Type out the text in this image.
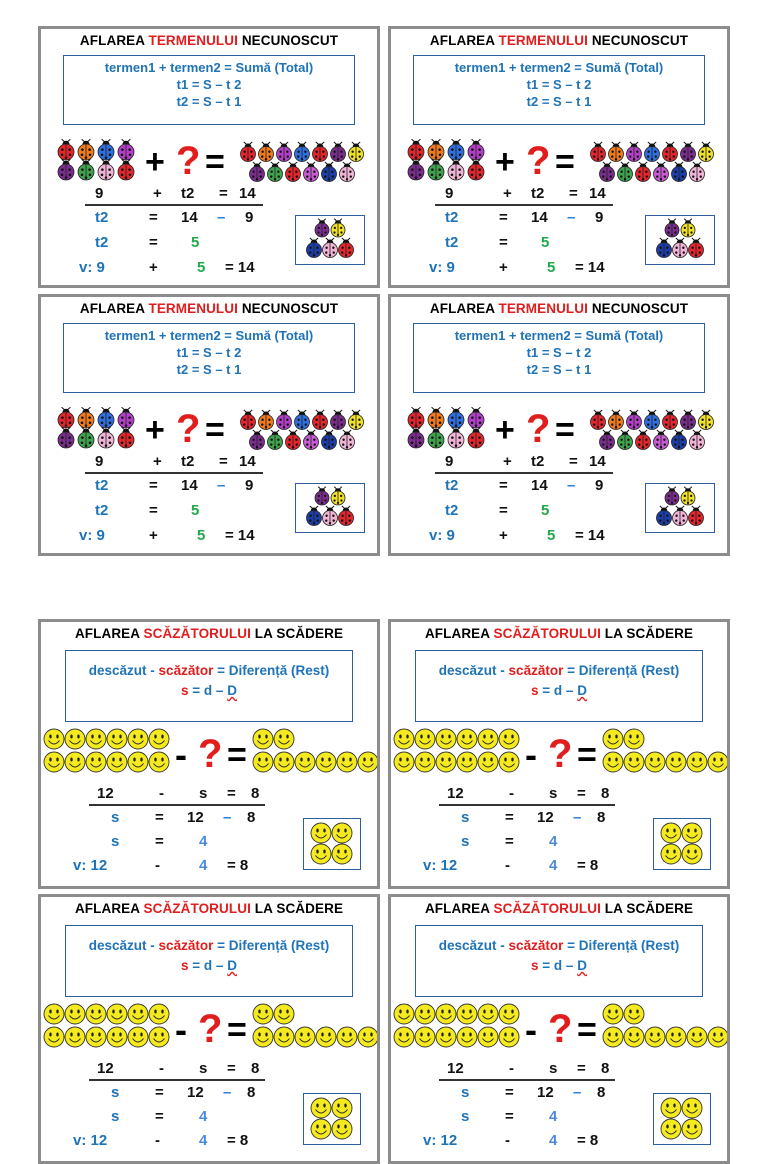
AFLAREA TERMENULUI NECUNOSCUT
termen1 + termen2 = Sumă (Total)
t1 = S – t 2
t2 = S – t 1
+ ? =
9	+ t2 = 14
t2	= 14 – 9
t2	= 5
v: 9	+	5 = 14
AFLAREA TERMENULUI NECUNOSCUT
termen1 + termen2 = Sumă (Total)
t1 = S – t 2
t2 = S – t 1
+ ? =
9	+ t2 = 14
t2	= 14 – 9
t2	= 5
v: 9	+	5 = 14
AFLAREA TERMENULUI NECUNOSCUT
termen1 + termen2 = Sumă (Total)
t1 = S – t 2
t2 = S – t 1
+ ? =
9	+ t2 = 14
t2	= 14 – 9
t2	= 5
v: 9	+	5 = 14
AFLAREA TERMENULUI NECUNOSCUT
termen1 + termen2 = Sumă (Total)
t1 = S – t 2
t2 = S – t 1
+ ? =
9	+ t2 = 14
t2	= 14 – 9
t2	= 5
v: 9	+	5 = 14
AFLAREA SCĂZĂTORULUI LA SCĂDERE
descăzut - scăzător = Diferență (Rest)
s = d – D
- ? =
12	- s = 8
s = 12 – 8
s = 4
v: 12	-	4 = 8
AFLAREA SCĂZĂTORULUI LA SCĂDERE
descăzut - scăzător = Diferență (Rest)
s = d – D
- ? =
12	- s = 8
s = 12 – 8
s = 4
v: 12	-	4 = 8
AFLAREA SCĂZĂTORULUI LA SCĂDERE
descăzut - scăzător = Diferență (Rest)
s = d – D
- ? =
12	- s = 8
s = 12 – 8
s = 4
v: 12	-	4 = 8
AFLAREA SCĂZĂTORULUI LA SCĂDERE
descăzut - scăzător = Diferență (Rest)
s = d – D
- ? =
12	- s = 8
s = 12 – 8
s = 4
v: 12	-	4 = 8
